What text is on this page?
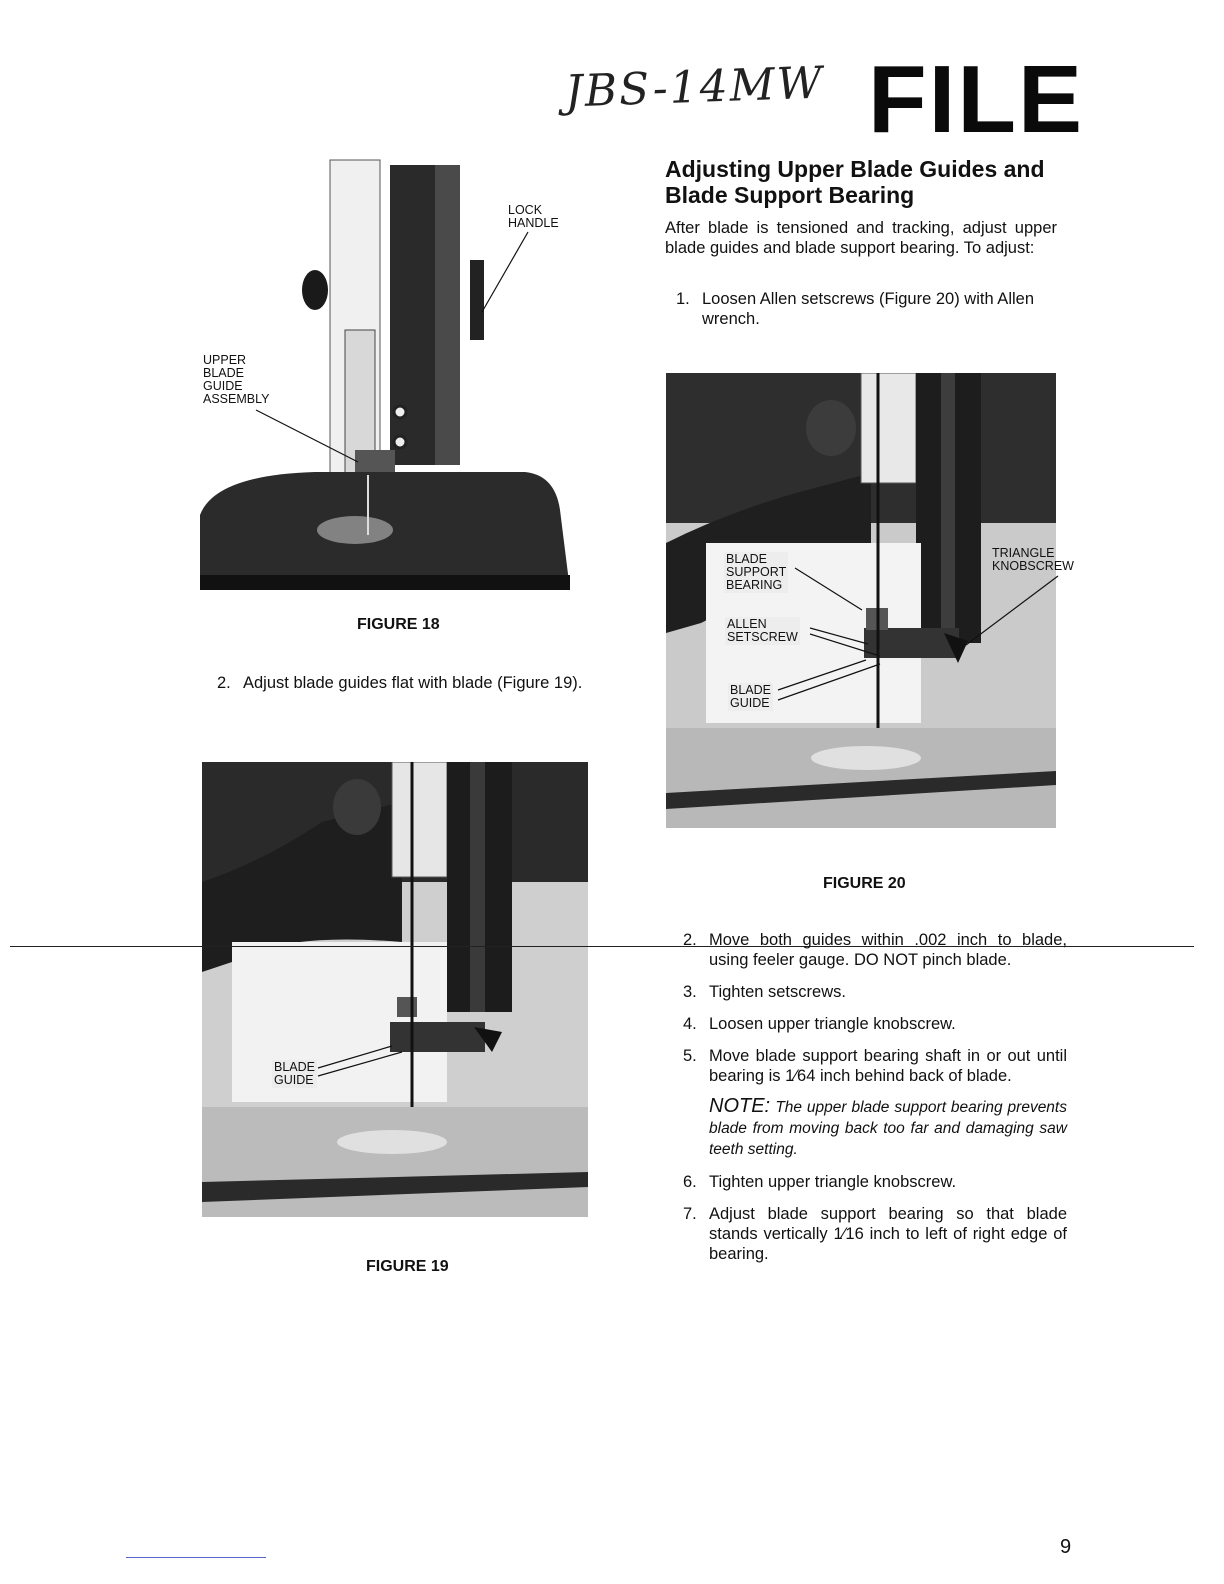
JBS-14MW FILE
Adjusting Upper Blade Guides and Blade Support Bearing
After blade is tensioned and tracking, adjust upper blade guides and blade support bearing. To adjust:
1. Loosen Allen setscrews (Figure 20) with Allen wrench.
LOCK
HANDLE
UPPER
BLADE
GUIDE
ASSEMBLY
FIGURE 18
2. Adjust blade guides flat with blade (Figure 19).
BLADE
GUIDE
FIGURE 19
BLADE
SUPPORT
BEARING
ALLEN
SETSCREW
BLADE
GUIDE
TRIANGLE
KNOBSCREW
FIGURE 20
2. Move both guides within .002 inch to blade, using feeler gauge. DO NOT pinch blade.
3. Tighten setscrews.
4. Loosen upper triangle knobscrew.
5. Move blade support bearing shaft in or out until bearing is 1⁄64 inch behind back of blade.
NOTE: The upper blade support bearing prevents blade from moving back too far and damaging saw teeth setting.
6. Tighten upper triangle knobscrew.
7. Adjust blade support bearing so that blade stands vertically 1⁄16 inch to left of right edge of bearing.
9
